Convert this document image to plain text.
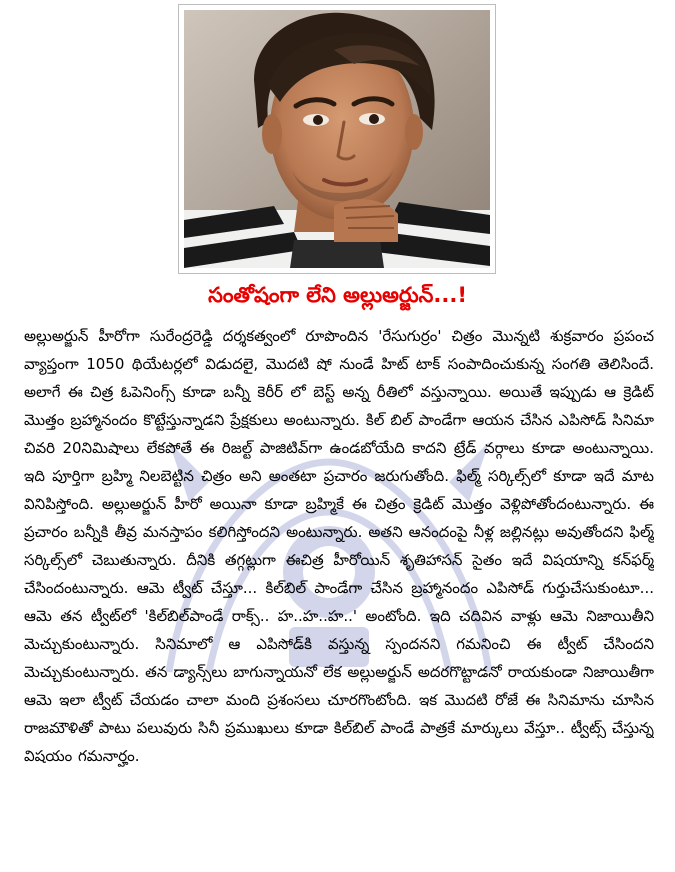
సంతోషంగా లేని అల్లుఅర్జున్...!

అల్లుఅర్జున్ హీరోగా సురేంద్రరెడ్డి దర్శకత్వంలో రూపొందిన 'రేసుగుర్రం' చిత్రం మొన్నటి శుక్రవారం ప్రపంచ వ్యాప్తంగా 1050 థియేటర్లలో విడుదలై, మొదటి షో నుండే హిట్ టాక్ సంపాదించుకున్న సంగతి తెలిసిందే. అలాగే ఈ చిత్ర ఓపెనింగ్స్ కూడా బన్నీ కెరీర్ లో బెస్ట్ అన్న రీతిలో వస్తున్నాయి. అయితే ఇప్పుడు ఆ క్రెడిట్ మొత్తం బ్రహ్మానందం కొట్టేస్తున్నాడని ప్రేక్షకులు అంటున్నారు. కిల్ బిల్ పాండేగా ఆయన చేసిన ఎపిసోడ్ సినిమా చివరి 20నిమిషాలు లేకపోతే ఈ రిజల్ట్ పాజిటివ్‌గా ఉండబోయేది కాదని ట్రేడ్ వర్గాలు కూడా అంటున్నాయి. ఇది పూర్తిగా బ్రహ్మి నిలబెట్టిన చిత్రం అని అంతటా ప్రచారం జరుగుతోంది. ఫిల్మ్ సర్కిల్స్‌లో కూడా ఇదే మాట వినిపిస్తోంది. అల్లుఅర్జున్ హీరో అయినా కూడా బ్రహ్మికే ఈ చిత్రం క్రెడిట్ మొత్తం వెళ్లిపోతోందంటున్నారు. ఈ ప్రచారం బన్నీకి తీవ్ర మనస్తాపం కలిగిస్తోందని అంటున్నారు. అతని ఆనందంపై నీళ్ల జల్లినట్లు అవుతోందని ఫిల్మ్ సర్కిల్స్‌లో చెబుతున్నారు. దీనికి తగ్గట్లుగా ఈచిత్ర హీరోయిన్ శృతిహాసన్ సైతం ఇదే విషయాన్ని కన్‌ఫర్మ్ చేసిందంటున్నారు. ఆమె ట్వీట్ చేస్తూ... కిల్‌బిల్ పాండేగా చేసిన బ్రహ్మానందం ఎపిసోడ్ గుర్తుచేసుకుంటూ... ఆమె తన ట్వీట్‌లో 'కిల్‌బిల్‌పాండే రాక్స్.. హ..హ..హ..' అంటోంది. ఇది చదివిన వాళ్లు ఆమె నిజాయితీని మెచ్చుకుంటున్నారు. సినిమాలో ఆ ఎపిసోడ్‌కి వస్తున్న స్పందనని గమనించి ఈ ట్వీట్ చేసిందని మెచ్చుకుంటున్నారు. తన డ్యాన్స్‌లు బాగున్నాయనో లేక అల్లుఅర్జున్ అదరగొట్టాడనో రాయకుండా నిజాయితీగా ఆమె ఇలా ట్వీట్ చేయడం చాలా మంది ప్రశంసలు చూరగొంటోంది. ఇక మొదటి రోజే ఈ సినిమాను చూసిన రాజమౌళితో పాటు పలువురు సినీ ప్రముఖులు కూడా కిల్‌బిల్ పాండే పాత్రకే మార్కులు వేస్తూ.. ట్వీట్స్ చేస్తున్న విషయం గమనార్హం.
